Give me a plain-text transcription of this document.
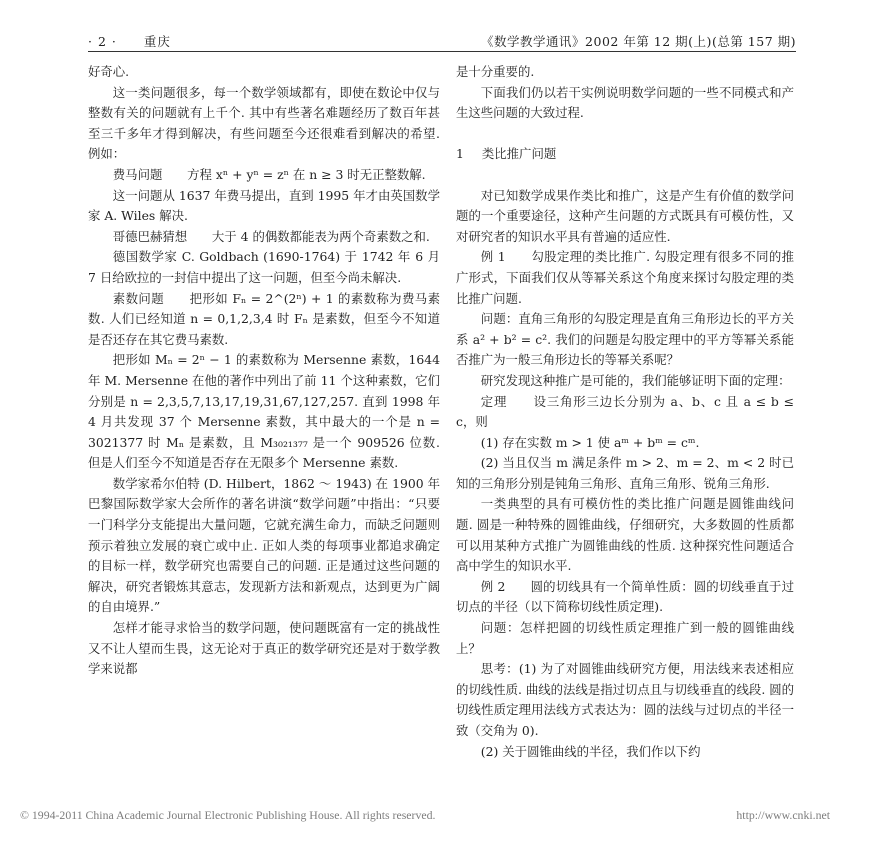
· 2 · 重庆	《数学教学通讯》2002 年第 12 期(上)(总第 157 期)

好奇心.

这一类问题很多，每一个数学领域都有，即使在数论中仅与整数有关的问题就有上千个. 其中有些著名难题经历了数百年甚至三千多年才得到解决，有些问题至今还很难看到解决的希望. 例如：

费马问题　　方程 xⁿ + yⁿ = zⁿ 在 n ≥ 3 时无正整数解.

这一问题从 1637 年费马提出，直到 1995 年才由英国数学家 A. Wiles 解决.

哥德巴赫猜想　　大于 4 的偶数都能表为两个奇素数之和.

德国数学家 C. Goldbach (1690-1764) 于 1742 年 6 月 7 日给欧拉的一封信中提出了这一问题，但至今尚未解决.

素数问题　　把形如 Fₙ = 2^(2ⁿ) + 1 的素数称为费马素数. 人们已经知道 n = 0,1,2,3,4 时 Fₙ 是素数，但至今不知道是否还存在其它费马素数.

把形如 Mₙ = 2ⁿ − 1 的素数称为 Mersenne 素数，1644 年 M. Mersenne 在他的著作中列出了前 11 个这种素数，它们分别是 n = 2,3,5,7,13,17,19,31,67,127,257. 直到 1998 年 4 月共发现 37 个 Mersenne 素数，其中最大的一个是 n = 3021377 时 Mₙ 是素数，且 M₃₀₂₁₃₇₇ 是一个 909526 位数. 但是人们至今不知道是否存在无限多个 Mersenne 素数.

数学家希尔伯特 (D. Hilbert，1862 ～ 1943) 在 1900 年巴黎国际数学家大会所作的著名讲演“数学问题”中指出：“只要一门科学分支能提出大量问题，它就充满生命力，而缺乏问题则预示着独立发展的衰亡或中止. 正如人类的每项事业都追求确定的目标一样，数学研究也需要自己的问题. 正是通过这些问题的解决，研究者锻炼其意志，发现新方法和新观点，达到更为广阔的自由境界.”

怎样才能寻求恰当的数学问题，使问题既富有一定的挑战性又不让人望而生畏，这无论对于真正的数学研究还是对于数学教学来说都

是十分重要的.

下面我们仍以若干实例说明数学问题的一些不同模式和产生这些问题的大致过程.

1 类比推广问题

对已知数学成果作类比和推广，这是产生有价值的数学问题的一个重要途径，这种产生问题的方式既具有可模仿性，又对研究者的知识水平具有普遍的适应性.

例 1　　勾股定理的类比推广. 勾股定理有很多不同的推广形式，下面我们仅从等幂关系这个角度来探讨勾股定理的类比推广问题.

问题：直角三角形的勾股定理是直角三角形边长的平方关系 a² + b² = c². 我们的问题是勾股定理中的平方等幂关系能否推广为一般三角形边长的等幂关系呢？

研究发现这种推广是可能的，我们能够证明下面的定理：

定理　　设三角形三边长分别为 a、b、c 且 a ≤ b ≤ c，则

(1) 存在实数 m > 1 使 aᵐ + bᵐ = cᵐ.

(2) 当且仅当 m 满足条件 m > 2、m = 2、m < 2 时已知的三角形分别是钝角三角形、直角三角形、锐角三角形.

一类典型的具有可模仿性的类比推广问题是圆锥曲线问题. 圆是一种特殊的圆锥曲线，仔细研究，大多数圆的性质都可以用某种方式推广为圆锥曲线的性质. 这种探究性问题适合高中学生的知识水平.

例 2　　圆的切线具有一个简单性质：圆的切线垂直于过切点的半径（以下简称切线性质定理).

问题：怎样把圆的切线性质定理推广到一般的圆锥曲线上？

思考：(1) 为了对圆锥曲线研究方便，用法线来表述相应的切线性质. 曲线的法线是指过切点且与切线垂直的线段. 圆的切线性质定理用法线方式表达为：圆的法线与过切点的半径一致（交角为 0).

(2) 关于圆锥曲线的半径，我们作以下约

© 1994-2011 China Academic Journal Electronic Publishing House. All rights reserved.	http://www.cnki.net
